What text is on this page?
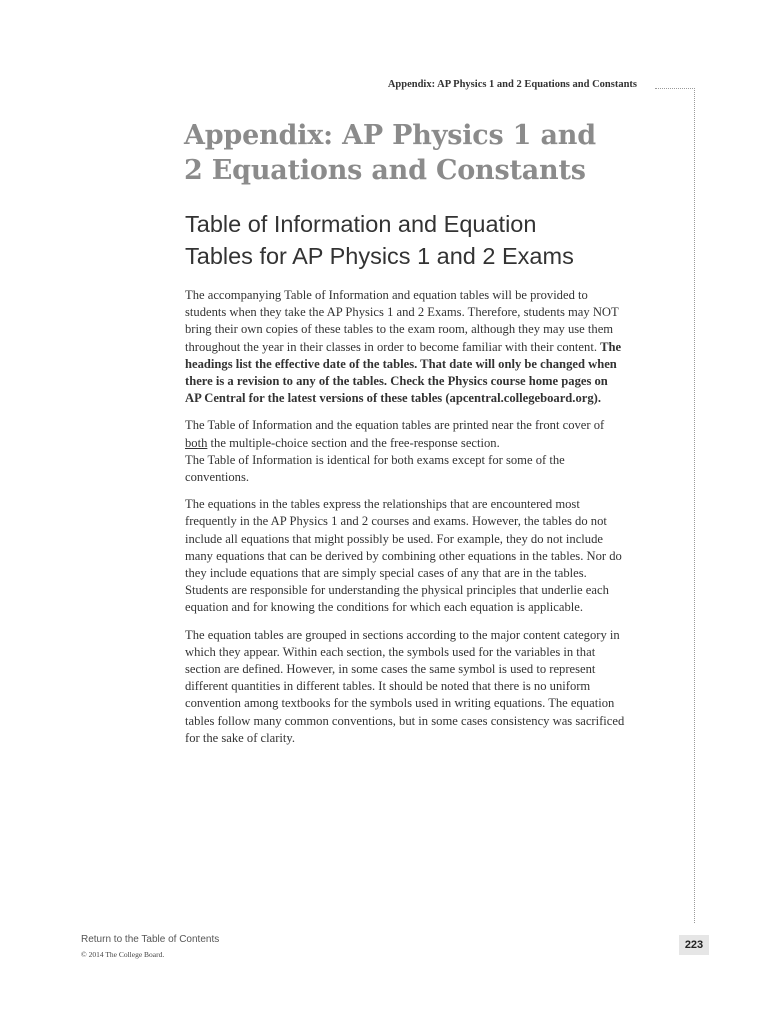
Appendix: AP Physics 1 and 2 Equations and Constants
Appendix: AP Physics 1 and
2 Equations and Constants
Table of Information and Equation
Tables for AP Physics 1 and 2 Exams

The accompanying Table of Information and equation tables will be provided to students when they take the AP Physics 1 and 2 Exams. Therefore, students may NOT bring their own copies of these tables to the exam room, although they may use them throughout the year in their classes in order to become familiar with their content. The headings list the effective date of the tables. That date will only be changed when there is a revision to any of the tables. Check the Physics course home pages on AP Central for the latest versions of these tables (apcentral.collegeboard.org).

The Table of Information and the equation tables are printed near the front cover of both the multiple-choice section and the free-response section.
The Table of Information is identical for both exams except for some of the conventions.

The equations in the tables express the relationships that are encountered most frequently in the AP Physics 1 and 2 courses and exams. However, the tables do not include all equations that might possibly be used. For example, they do not include many equations that can be derived by combining other equations in the tables. Nor do they include equations that are simply special cases of any that are in the tables. Students are responsible for understanding the physical principles that underlie each equation and for knowing the conditions for which each equation is applicable.

The equation tables are grouped in sections according to the major content category in which they appear. Within each section, the symbols used for the variables in that section are defined. However, in some cases the same symbol is used to represent different quantities in different tables. It should be noted that there is no uniform convention among textbooks for the symbols used in writing equations. The equation tables follow many common conventions, but in some cases consistency was sacrificed for the sake of clarity.

Return to the Table of Contents
© 2014 The College Board.
223
